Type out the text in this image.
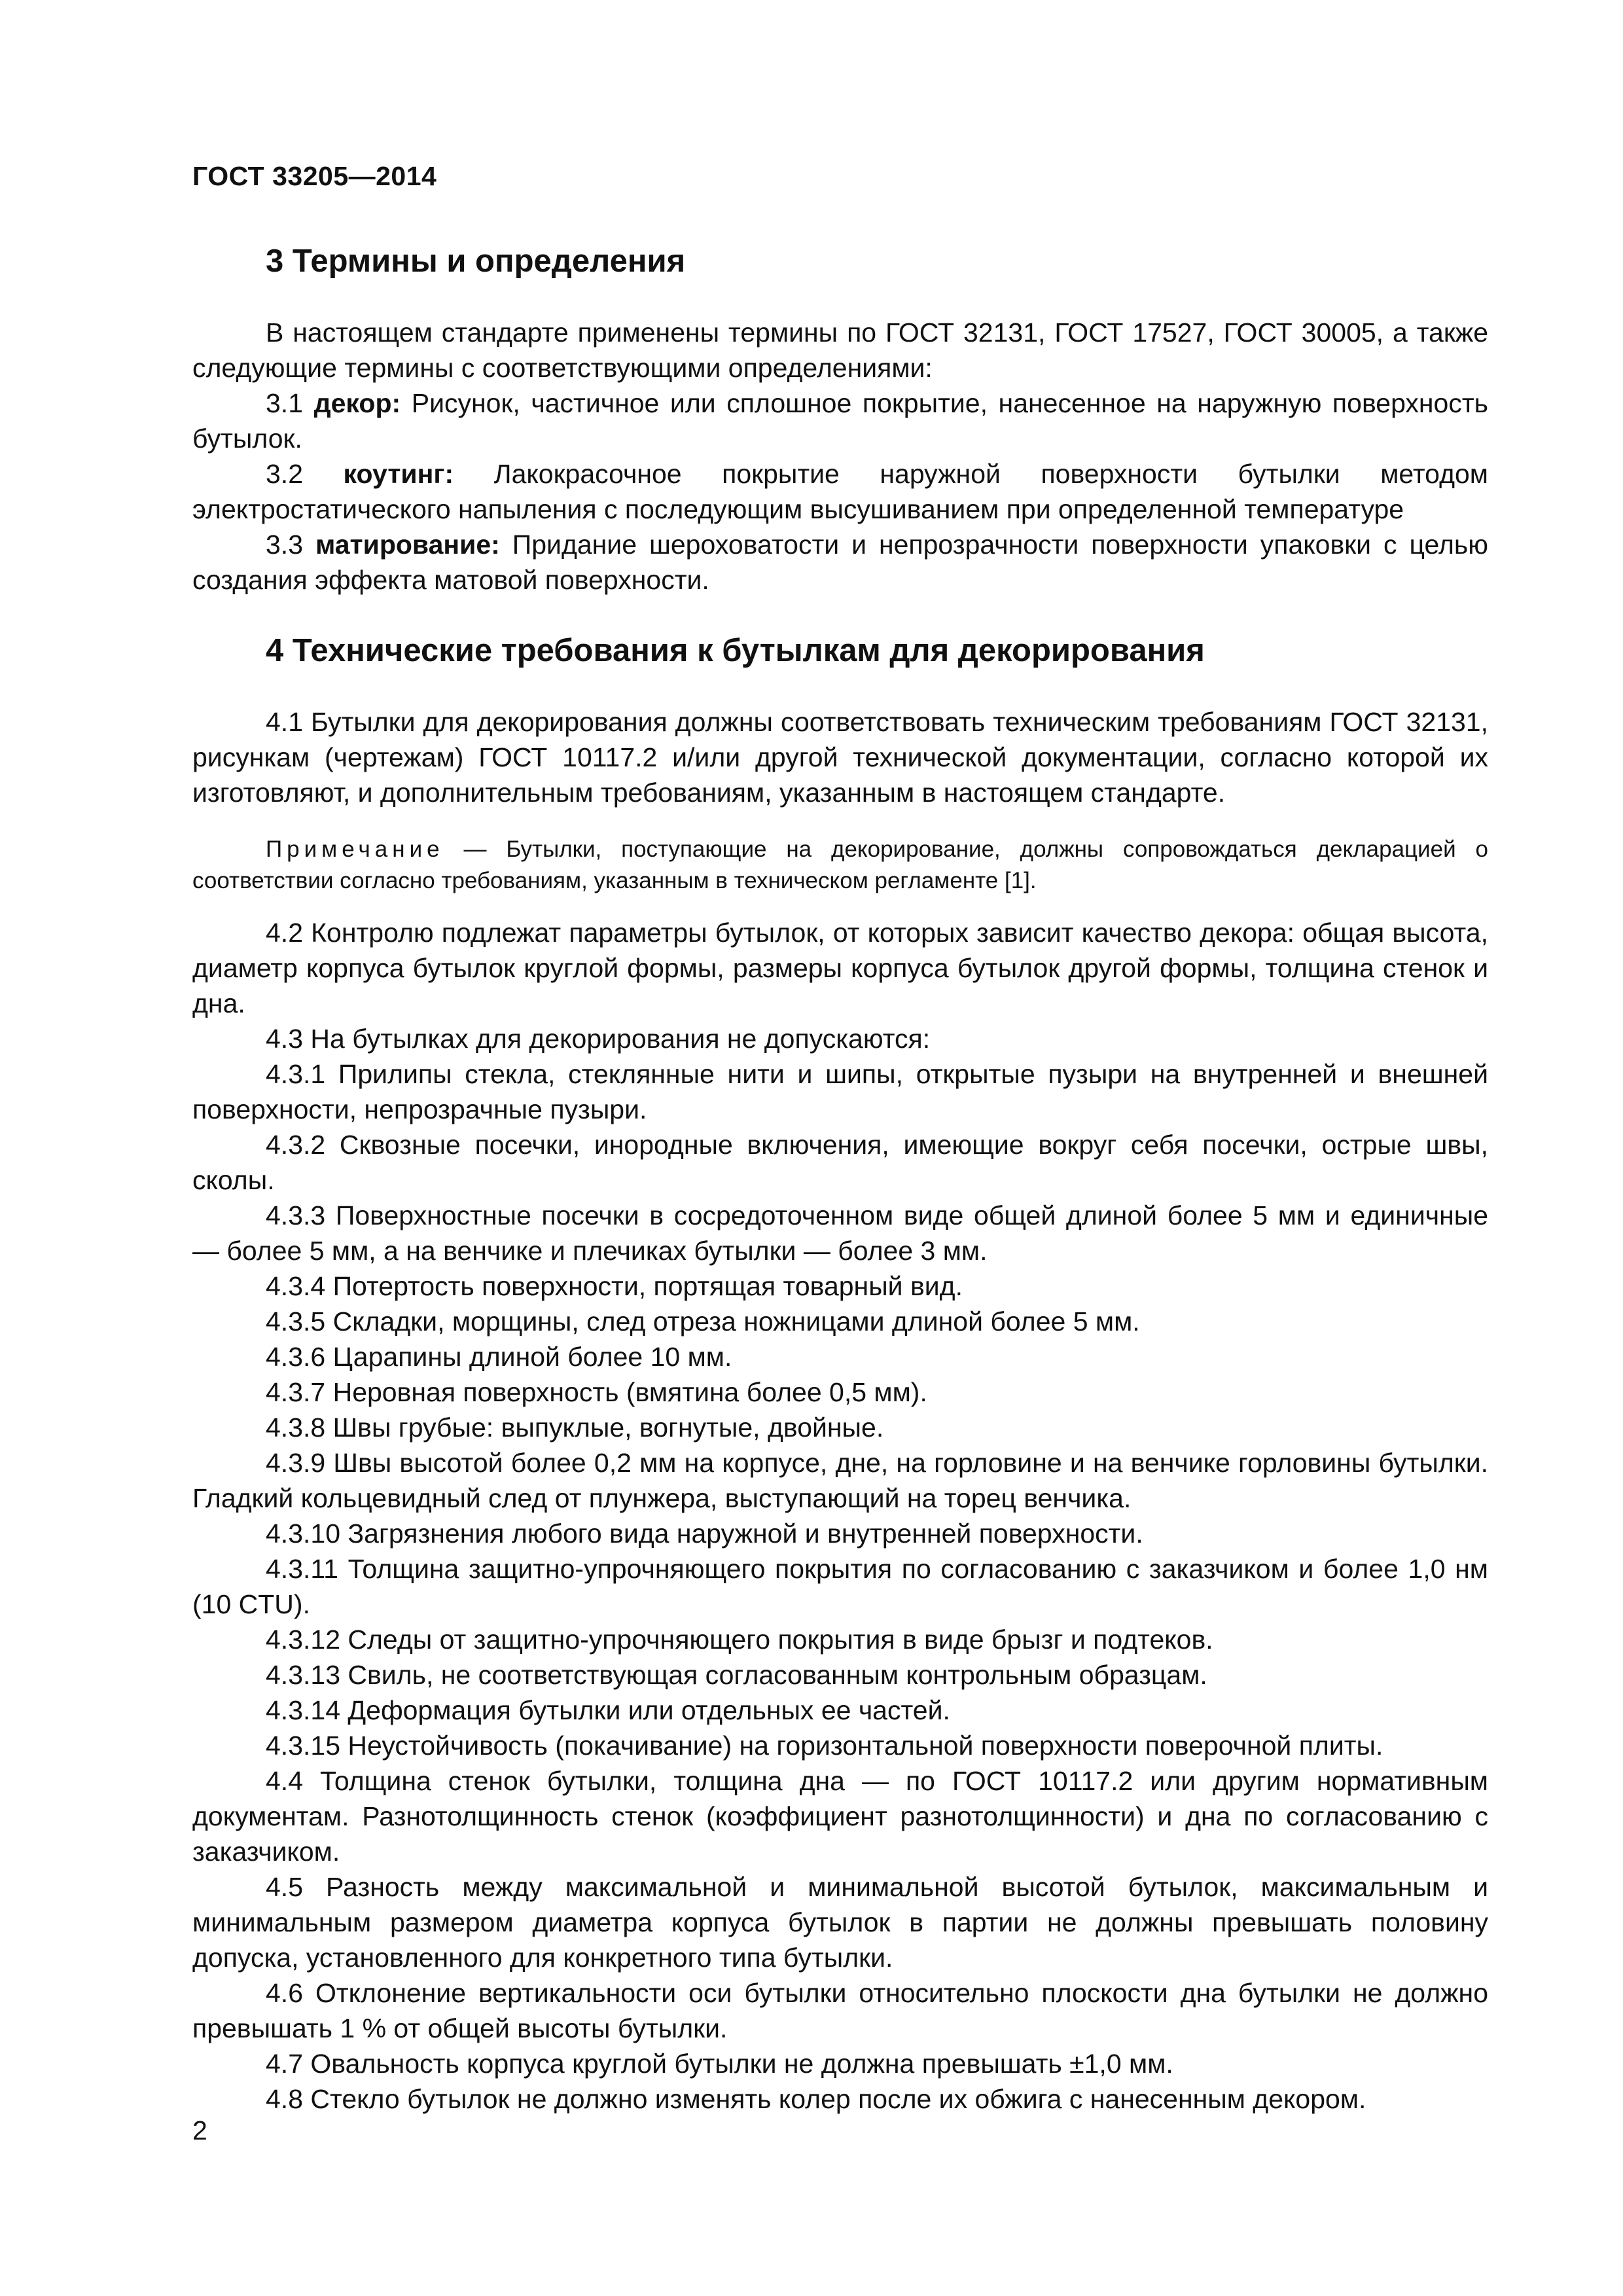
ГОСТ 33205—2014
3 Термины и определения

В настоящем стандарте применены термины по ГОСТ 32131, ГОСТ 17527, ГОСТ 30005, а также следующие термины с соответствующими определениями:

3.1 декор: Рисунок, частичное или сплошное покрытие, нанесенное на наружную поверхность бутылок.

3.2 коутинг: Лакокрасочное покрытие наружной поверхности бутылки методом электростатического напыления с последующим высушиванием при определенной температуре

3.3 матирование: Придание шероховатости и непрозрачности поверхности упаковки с целью создания эффекта матовой поверхности.

4 Технические требования к бутылкам для декорирования

4.1 Бутылки для декорирования должны соответствовать техническим требованиям ГОСТ 32131, рисункам (чертежам) ГОСТ 10117.2 и/или другой технической документации, согласно которой их изготовляют, и дополнительным требованиям, указанным в настоящем стандарте.

Примечание — Бутылки, поступающие на декорирование, должны сопровождаться декларацией о соответствии согласно требованиям, указанным в техническом регламенте [1].

4.2 Контролю подлежат параметры бутылок, от которых зависит качество декора: общая высота, диаметр корпуса бутылок круглой формы, размеры корпуса бутылок другой формы, толщина стенок и дна.

4.3 На бутылках для декорирования не допускаются:

4.3.1 Прилипы стекла, стеклянные нити и шипы, открытые пузыри на внутренней и внешней поверхности, непрозрачные пузыри.

4.3.2 Сквозные посечки, инородные включения, имеющие вокруг себя посечки, острые швы, сколы.

4.3.3 Поверхностные посечки в сосредоточенном виде общей длиной более 5 мм и единичные — более 5 мм, а на венчике и плечиках бутылки — более 3 мм.

4.3.4 Потертость поверхности, портящая товарный вид.

4.3.5 Складки, морщины, след отреза ножницами длиной более 5 мм.

4.3.6 Царапины длиной более 10 мм.

4.3.7 Неровная поверхность (вмятина более 0,5 мм).

4.3.8 Швы грубые: выпуклые, вогнутые, двойные.

4.3.9 Швы высотой более 0,2 мм на корпусе, дне, на горловине и на венчике горловины бутылки. Гладкий кольцевидный след от плунжера, выступающий на торец венчика.

4.3.10 Загрязнения любого вида наружной и внутренней поверхности.

4.3.11 Толщина защитно-упрочняющего покрытия по согласованию с заказчиком и более 1,0 нм (10 CTU).

4.3.12 Следы от защитно-упрочняющего покрытия в виде брызг и подтеков.

4.3.13 Свиль, не соответствующая согласованным контрольным образцам.

4.3.14 Деформация бутылки или отдельных ее частей.

4.3.15 Неустойчивость (покачивание) на горизонтальной поверхности поверочной плиты.

4.4 Толщина стенок бутылки, толщина дна — по ГОСТ 10117.2 или другим нормативным документам. Разнотолщинность стенок (коэффициент разнотолщинности) и дна по согласованию с заказчиком.

4.5 Разность между максимальной и минимальной высотой бутылок, максимальным и минимальным размером диаметра корпуса бутылок в партии не должны превышать половину допуска, установленного для конкретного типа бутылки.

4.6 Отклонение вертикальности оси бутылки относительно плоскости дна бутылки не должно превышать 1 % от общей высоты бутылки.

4.7 Овальность корпуса круглой бутылки не должна превышать ±1,0 мм.

4.8 Стекло бутылок не должно изменять колер после их обжига с нанесенным декором.

2
